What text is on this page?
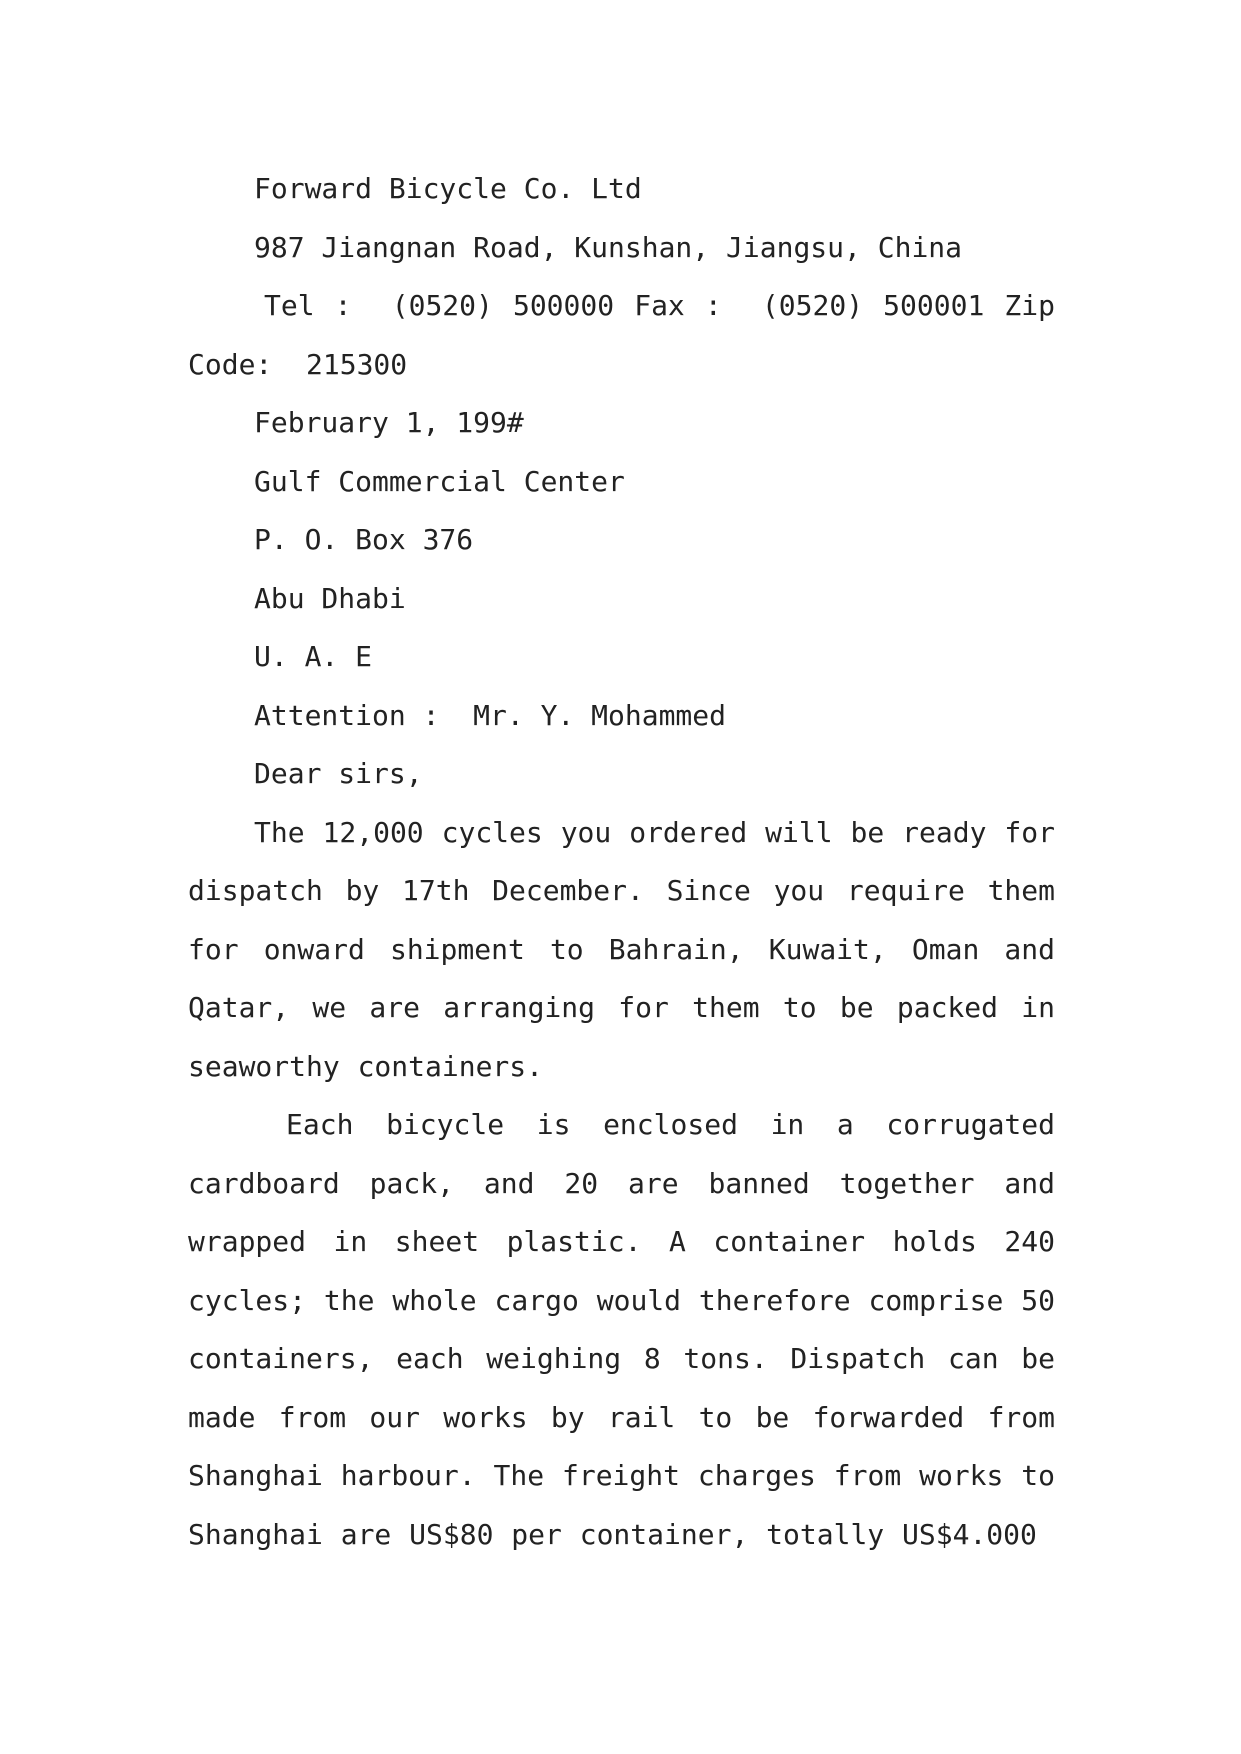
Forward Bicycle Co. Ltd

987 Jiangnan Road, Kunshan, Jiangsu, China

Tel :  (0520) 500000 Fax :  (0520) 500001 Zip Code:  215300

February 1, 199#

Gulf Commercial Center

P. O. Box 376

Abu Dhabi

U. A. E

Attention :  Mr. Y. Mohammed

Dear sirs,

The 12,000 cycles you ordered will be ready for dispatch by 17th December. Since you require them for onward shipment to Bahrain, Kuwait, Oman and Qatar, we are arranging for them to be packed in seaworthy containers.

Each bicycle is enclosed in a corrugated cardboard pack, and 20 are banned together and wrapped in sheet plastic. A container holds 240 cycles; the whole cargo would therefore comprise 50 containers, each weighing 8 tons. Dispatch can be made from our works by rail to be forwarded from Shanghai harbour. The freight charges from works to Shanghai are US$80 per container, totally US$4.000
